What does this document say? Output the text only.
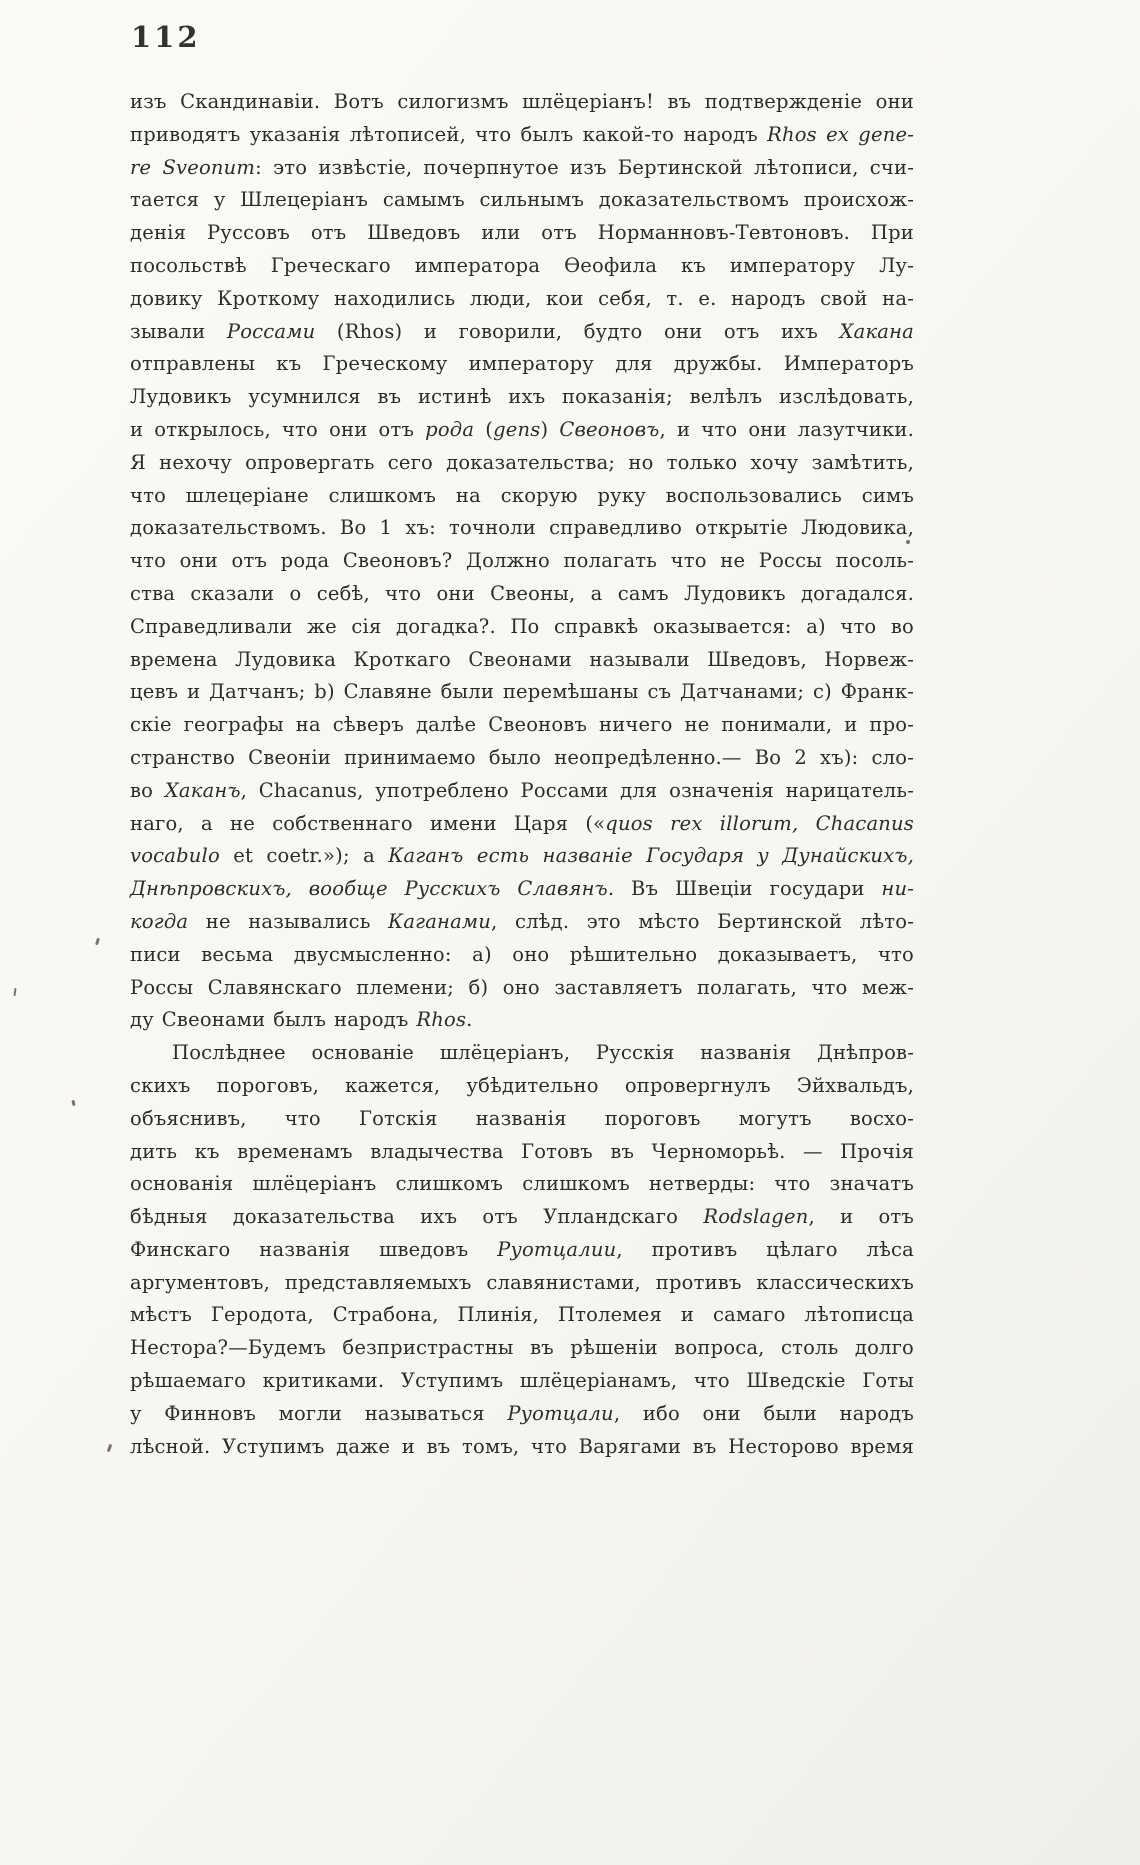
112
изъ Скандинавіи. Вотъ силогизмъ шлёцеріанъ! въ подтвержденіе они
приводятъ указанія лѣтописей, что былъ какой-то народъ Rhos ex gene-
re Sveonum: это извѣстіе, почерпнутое изъ Бертинской лѣтописи, счи-
тается у Шлецеріанъ самымъ сильнымъ доказательствомъ происхож-
денія Руссовъ отъ Шведовъ или отъ Норманновъ-Тевтоновъ. При
посольствѣ Греческаго императора Ѳеофила къ императору Лу-
довику Кроткому находились люди, кои себя, т. е. народъ свой на-
зывали Россами (Rhos) и говорили, будто они отъ ихъ Хакана
отправлены къ Греческому императору для дружбы. Императоръ
Лудовикъ усумнился въ истинѣ ихъ показанія; велѣлъ изслѣдовать,
и открылось, что они отъ рода (gens) Свеоновъ, и что они лазутчики.
Я нехочу опровергать сего доказательства; но только хочу замѣтить,
что шлецеріане слишкомъ на скорую руку воспользовались симъ
доказательствомъ. Во 1 хъ: точноли справедливо открытіе Людовика,
что они отъ рода Свеоновъ? Должно полагать что не Россы посоль-
ства сказали о себѣ, что они Свеоны, а самъ Лудовикъ догадался.
Справедливали же сія догадка?. По справкѣ оказывается: а) что во
времена Лудовика Кроткаго Свеонами называли Шведовъ, Норвеж-
цевъ и Датчанъ; b) Славяне были перемѣшаны съ Датчанами; c) Франк-
скіе географы на сѣверъ далѣе Свеоновъ ничего не понимали, и про-
странство Свеоніи принимаемо было неопредѣленно.— Во 2 хъ): сло-
во Хаканъ, Chacanus, употреблено Россами для означенія нарицатель-
наго, а не собственнаго имени Царя («quos rex illorum, Chacanus
vocabulo et coetr.»); а Каганъ есть названіе Государя у Дунайскихъ,
Днѣпровскихъ, вообще Русскихъ Славянъ. Въ Швеціи государи ни-
когда не назывались Каганами, слѣд. это мѣсто Бертинской лѣто-
писи весьма двусмысленно: а) оно рѣшительно доказываетъ, что
Россы Славянскаго племени; б) оно заставляетъ полагать, что меж-
ду Свеонами былъ народъ Rhos.
Послѣднее основаніе шлёцеріанъ, Русскія названія Днѣпров-
скихъ пороговъ, кажется, убѣдительно опровергнулъ Эйхвальдъ,
объяснивъ, что Готскія названія пороговъ могутъ восхо-
дить къ временамъ владычества Готовъ въ Черноморьѣ. — Прочія
основанія шлёцеріанъ слишкомъ слишкомъ нетверды: что значатъ
бѣдныя доказательства ихъ отъ Упландскаго Rodslagen, и отъ
Финскаго названія шведовъ Руотцалии, противъ цѣлаго лѣса
аргументовъ, представляемыхъ славянистами, противъ классическихъ
мѣстъ Геродота, Страбона, Плинія, Птолемея и самаго лѣтописца
Нестора?—Будемъ безпристрастны въ рѣшеніи вопроса, столь долго
рѣшаемаго критиками. Уступимъ шлёцеріанамъ, что Шведскіе Готы
у Финновъ могли называться Руотцали, ибо они были народъ
лѣсной. Уступимъ даже и въ томъ, что Варягами въ Несторово время
